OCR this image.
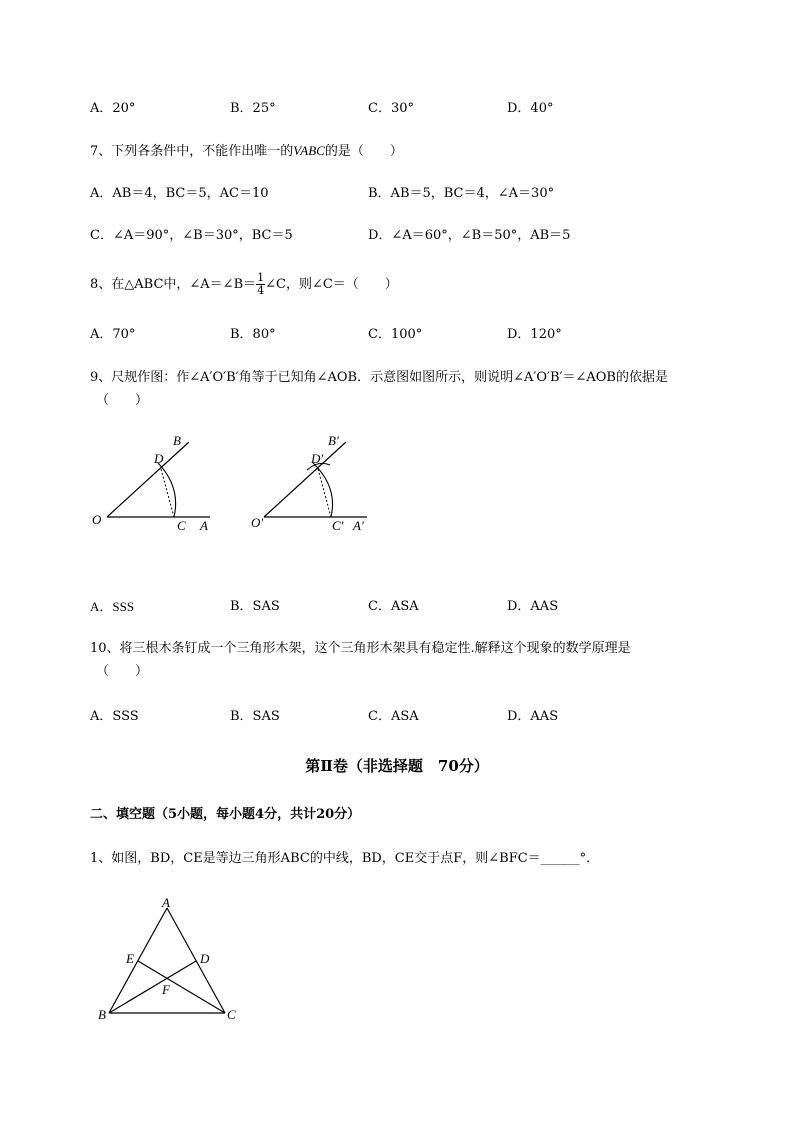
A．20°	B．25°	C．30°	D．40°
7、下列各条件中，不能作出唯一的VABC的是（　　）
A．AB＝4，BC＝5，AC＝10	B．AB＝5，BC＝4，∠A＝30°
C．∠A＝90°，∠B＝30°，BC＝5	D．∠A＝60°，∠B＝50°，AB＝5
8、在△ABC中，∠A＝∠B＝ $\frac{1}{4}$ ∠C，则∠C＝（　　）
A．70°	B．80°	C．100°	D．120°
9、尺规作图：作∠A′O′B′角等于已知角∠AOB．示意图如图所示，则说明∠A′O′B′＝∠AOB的依据是
（　　）
B
D
O	C A
B′
D′
O′	C′ A′
A．SSS	B．SAS	C．ASA	D．AAS
10、将三根木条钉成一个三角形木架，这个三角形木架具有稳定性.解释这个现象的数学原理是
（　　）
A．SSS	B．SAS	C．ASA	D．AAS
第Ⅱ卷（非选择题　70分）
二、填空题（5小题，每小题4分，共计20分）
1、如图，BD，CE是等边三角形ABC的中线，BD，CE交于点F，则∠BFC＝______°．
A
E	D
F
B	C
